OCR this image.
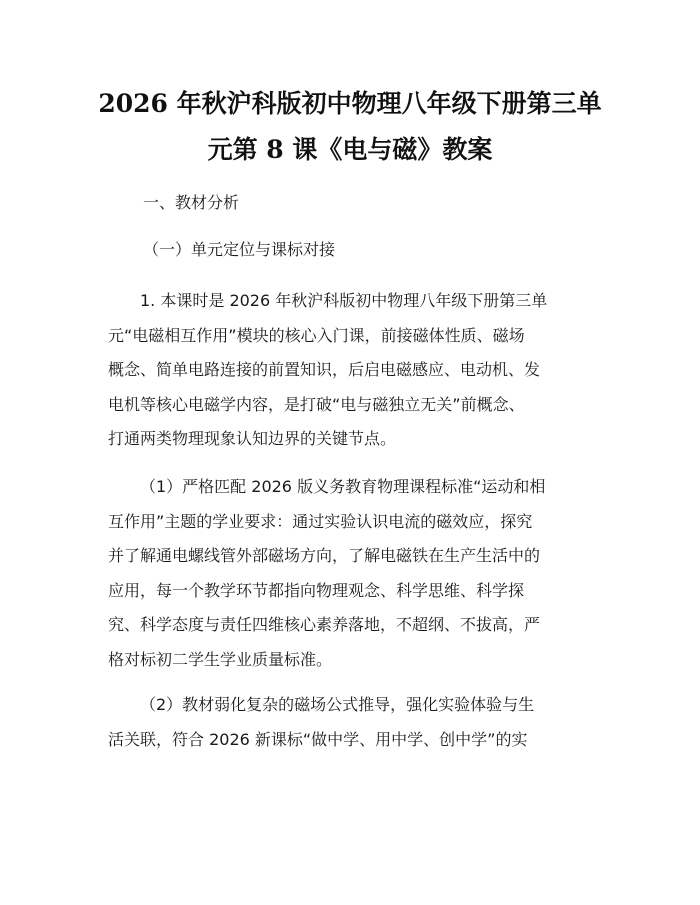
2026 年秋沪科版初中物理八年级下册第三单
元第 8 课《电与磁》教案
一、教材分析
（一）单元定位与课标对接
1. 本课时是 2026 年秋沪科版初中物理八年级下册第三单
元“电磁相互作用”模块的核心入门课，前接磁体性质、磁场
概念、简单电路连接的前置知识，后启电磁感应、电动机、发
电机等核心电磁学内容，是打破“电与磁独立无关”前概念、
打通两类物理现象认知边界的关键节点。
（1）严格匹配 2026 版义务教育物理课程标准“运动和相
互作用”主题的学业要求：通过实验认识电流的磁效应，探究
并了解通电螺线管外部磁场方向，了解电磁铁在生产生活中的
应用，每一个教学环节都指向物理观念、科学思维、科学探
究、科学态度与责任四维核心素养落地，不超纲、不拔高，严
格对标初二学生学业质量标准。
（2）教材弱化复杂的磁场公式推导，强化实验体验与生
活关联，符合 2026 新课标“做中学、用中学、创中学”的实
